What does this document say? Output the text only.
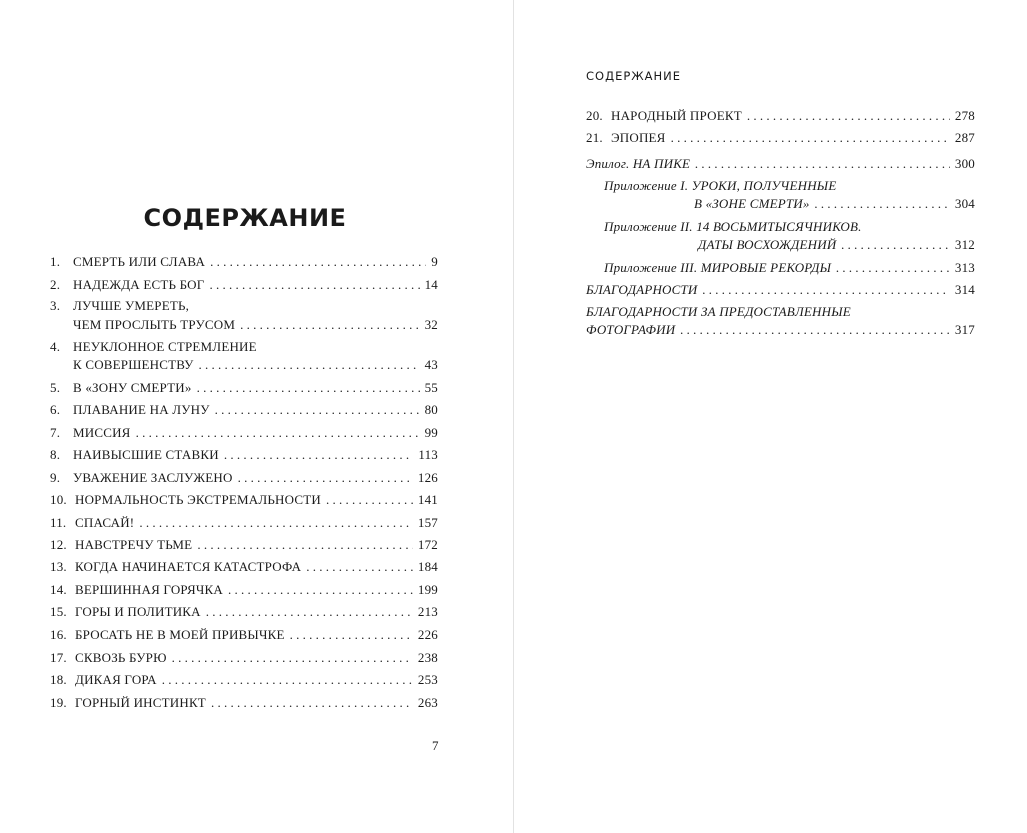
СОДЕРЖАНИЕ
1. СМЕРТЬ ИЛИ СЛАВА . . .	9
2. НАДЕЖДА ЕСТЬ БОГ . . .	14
3. ЛУЧШЕ УМЕРЕТЬ,
ЧЕМ ПРОСЛЫТЬ ТРУСОМ . . .	32
4. НЕУКЛОННОЕ СТРЕМЛЕНИЕ
К СОВЕРШЕНСТВУ . . .	43
5. В «ЗОНУ СМЕРТИ» . . .	55
6. ПЛАВАНИЕ НА ЛУНУ . . .	80
7. МИССИЯ . . .	99
8. НАИВЫСШИЕ СТАВКИ . . .	113
9. УВАЖЕНИЕ ЗАСЛУЖЕНО . . .	126
10. НОРМАЛЬНОСТЬ ЭКСТРЕМАЛЬНОСТИ . . .	141
11. СПАСАЙ! . . .	157
12. НАВСТРЕЧУ ТЬМЕ . . .	172
13. КОГДА НАЧИНАЕТСЯ КАТАСТРОФА . . .	184
14. ВЕРШИННАЯ ГОРЯЧКА . . .	199
15. ГОРЫ И ПОЛИТИКА . . .	213
16. БРОСАТЬ НЕ В МОЕЙ ПРИВЫЧКЕ . . .	226
17. СКВОЗЬ БУРЮ . . .	238
18. ДИКАЯ ГОРА . . .	253
19. ГОРНЫЙ ИНСТИНКТ . . .	263
7
СОДЕРЖАНИЕ
20. НАРОДНЫЙ ПРОЕКТ . . .	278
21. ЭПОПЕЯ . . .	287
Эпилог. НА ПИКЕ . . .	300
Приложение I. УРОКИ, ПОЛУЧЕННЫЕ
В «ЗОНЕ СМЕРТИ» . . .	304
Приложение II. 14 ВОСЬМИТЫСЯЧНИКОВ.
ДАТЫ ВОСХОЖДЕНИЙ . . .	312
Приложение III. МИРОВЫЕ РЕКОРДЫ . . .	313
БЛАГОДАРНОСТИ . . .	314
БЛАГОДАРНОСТИ ЗА ПРЕДОСТАВЛЕННЫЕ
ФОТОГРАФИИ . . .	317
